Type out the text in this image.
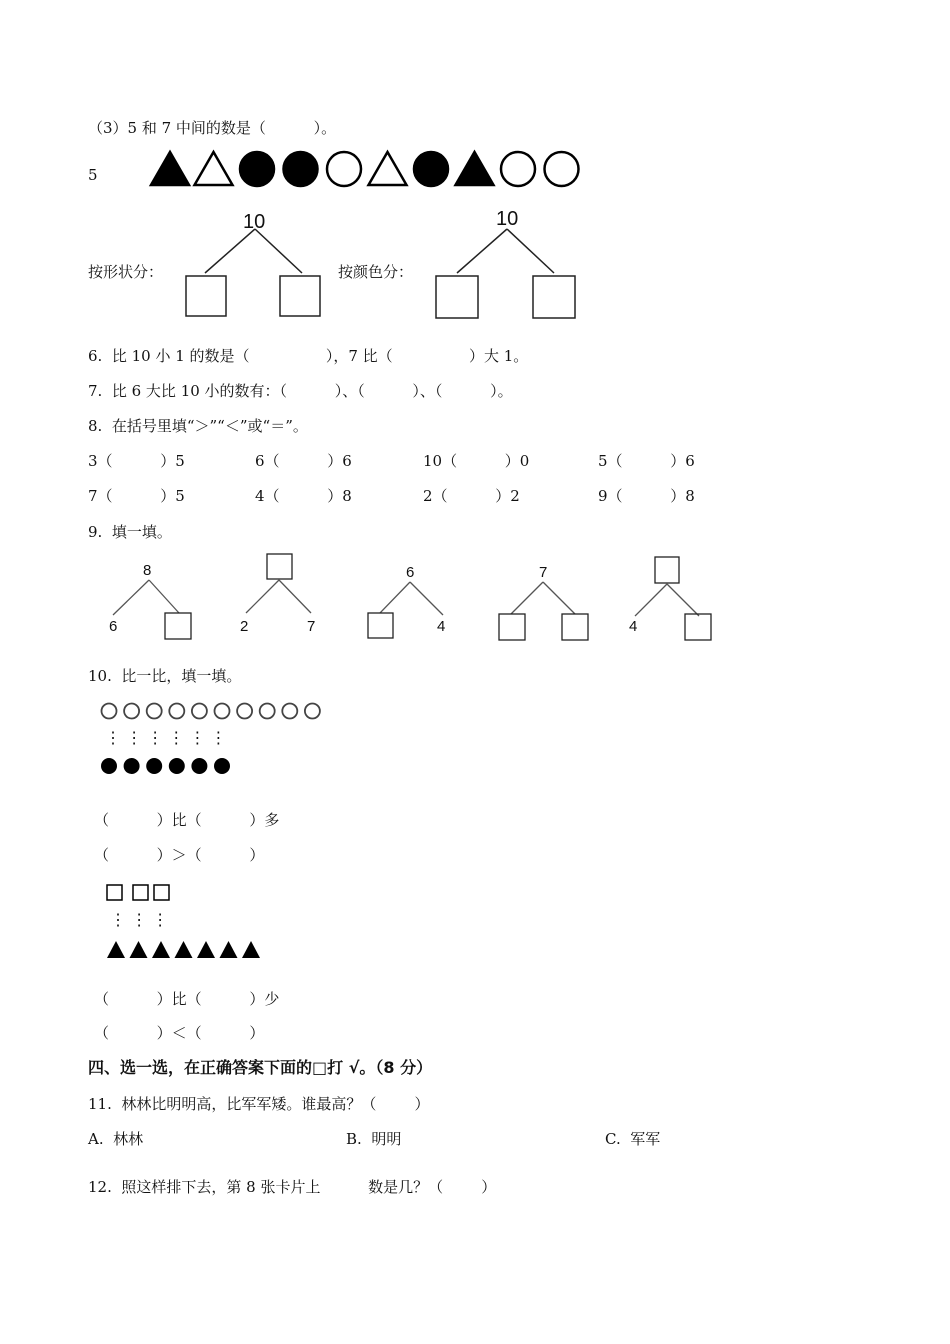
（3）5 和 7 中间的数是（          ）。
5
10
按形状分：
10
按颜色分：
6.  比 10 小 1 的数是（                ），7 比（                ）大 1。
7.  比 6 大比 10 小的数有：（          ）、（          ）、（          ）。
8.  在括号里填“＞”“＜”或“＝”。
3（          ）5	6（          ）6	10（          ）0	5（          ）6
7（          ）5	4（          ）8	2（          ）2	9（          ）8
9.  填一填。
8
6	2	7
6
4
7
4
10.  比一比，填一填。
⋮ ⋮ ⋮ ⋮ ⋮ ⋮
（          ）比（          ）多
（          ）＞（          ）
⋮ ⋮ ⋮
（          ）比（          ）少
（          ）＜（          ）
四、选一选，在正确答案下面的□打 √。（8 分）
11.  林林比明明高，比军军矮。谁最高？（        ）
A.  林林	B.  明明	C.  军军
12.  照这样排下去，第 8 张卡片上          数是几？（        ）
